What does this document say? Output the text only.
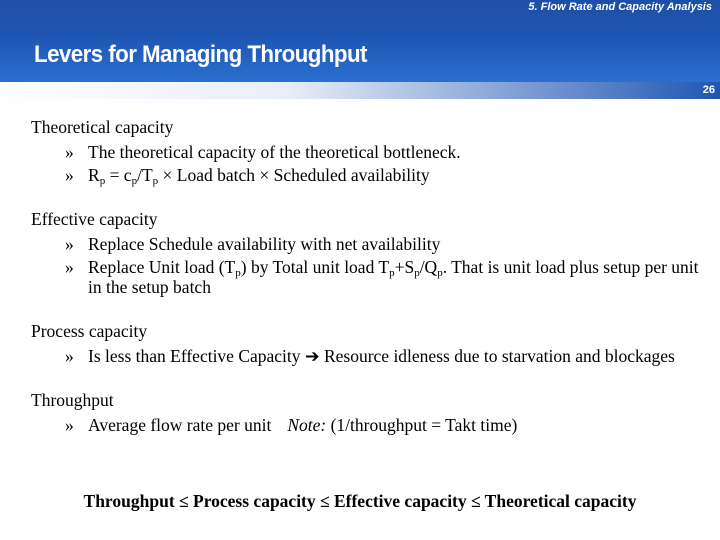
5. Flow Rate and Capacity Analysis
Levers for Managing Throughput
26
Theoretical capacity
» The theoretical capacity of the theoretical bottleneck.
» $R_p = c_p/T_p$ × Load batch × Scheduled availability
Effective capacity
» Replace Schedule availability with net availability
» Replace Unit load $(T_p)$ by Total unit load $T_p+S_p/Q_p$. That is unit load plus setup per unit in the setup batch
Process capacity
» Is less than Effective Capacity ➔ Resource idleness due to starvation and blockages
Throughput
» Average flow rate per unit Note: (1/throughput = Takt time)
Throughput ≤ Process capacity ≤ Effective capacity ≤ Theoretical capacity
